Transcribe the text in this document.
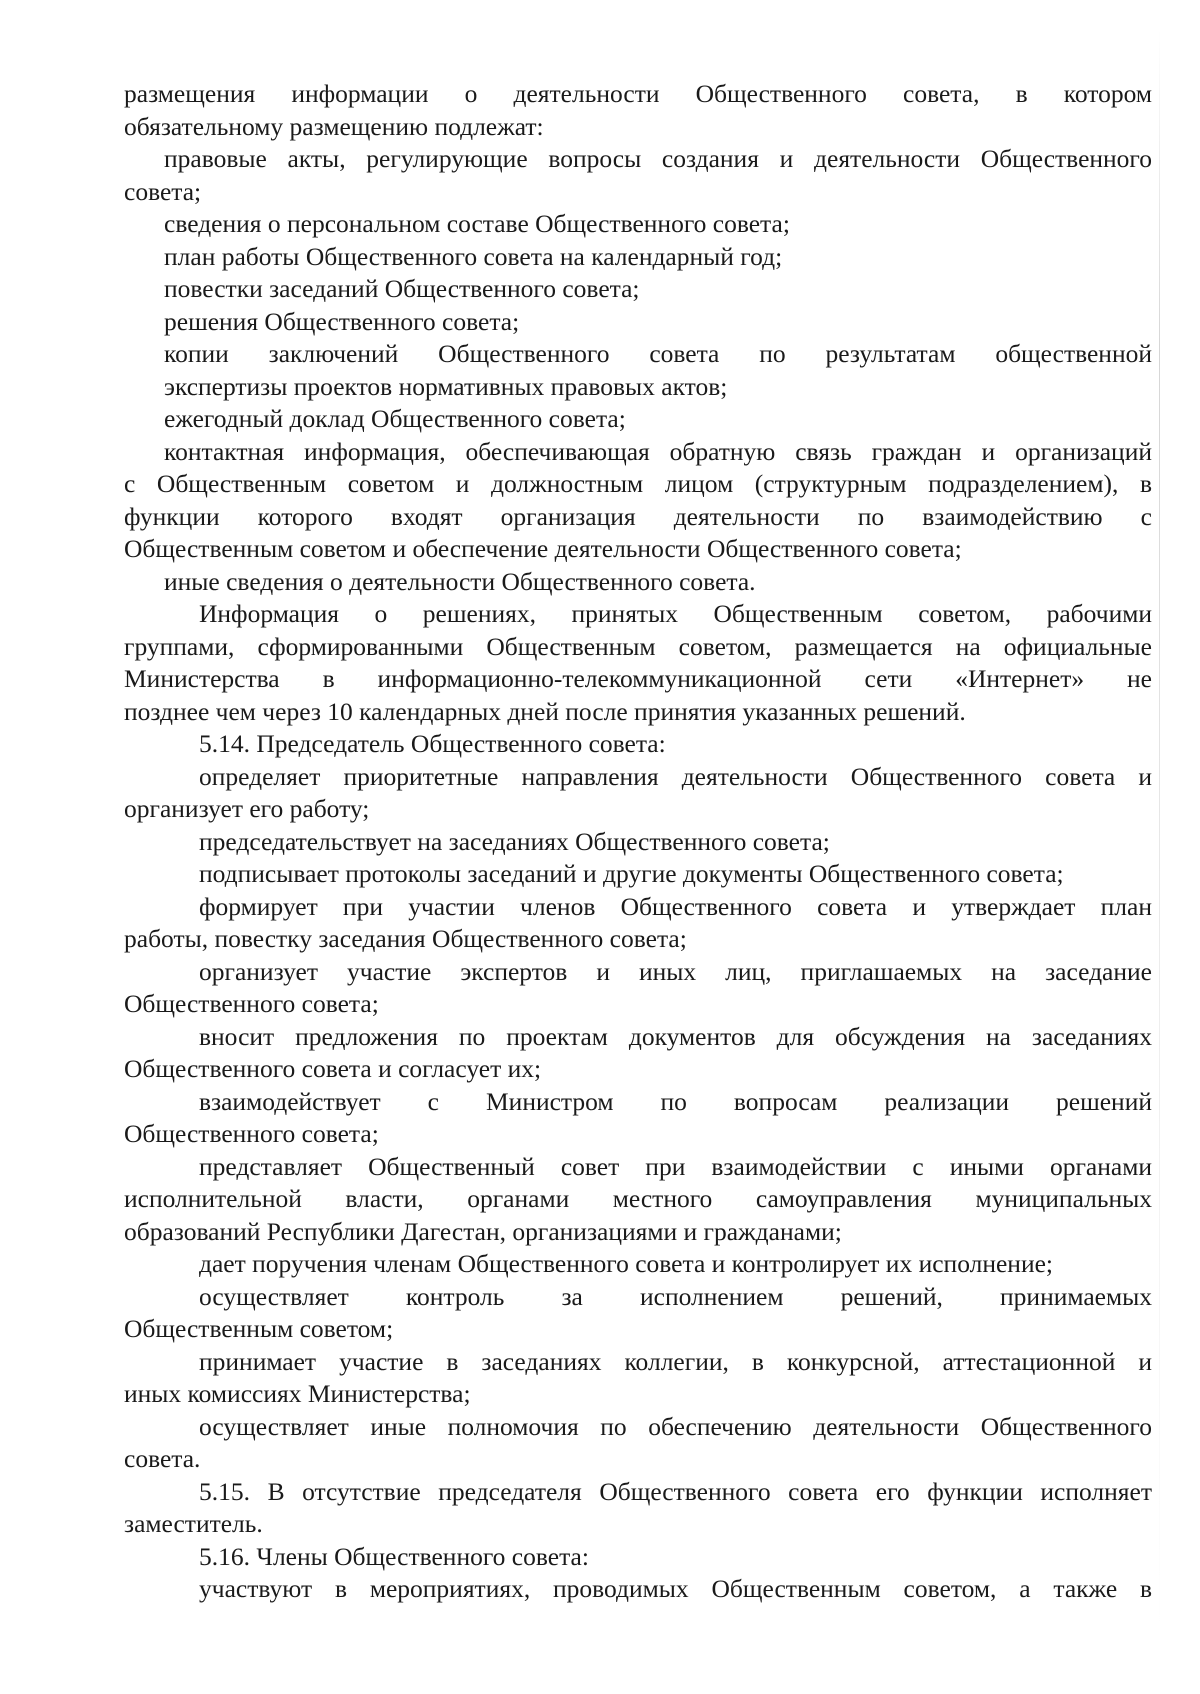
размещения информации о деятельности Общественного совета, в котором

обязательному размещению подлежат:

правовые акты, регулирующие вопросы создания и деятельности Общественного

совета;

сведения о персональном составе Общественного совета;

план работы Общественного совета на календарный год;

повестки заседаний Общественного совета;

решения Общественного совета;

копии заключений Общественного совета по результатам общественной

экспертизы проектов нормативных правовых актов;

ежегодный доклад Общественного совета;

контактная информация, обеспечивающая обратную связь граждан и организаций

с Общественным советом и должностным лицом (структурным подразделением), в

функции которого входят организация деятельности по взаимодействию с

Общественным советом и обеспечение деятельности Общественного совета;

иные сведения о деятельности Общественного совета.

Информация о решениях, принятых Общественным советом, рабочими

группами, сформированными Общественным советом, размещается на официальные

Министерства в информационно-телекоммуникационной сети «Интернет» не

позднее чем через 10 календарных дней после принятия указанных решений.

5.14. Председатель Общественного совета:

определяет приоритетные направления деятельности Общественного совета и

организует его работу;

председательствует на заседаниях Общественного совета;

подписывает протоколы заседаний и другие документы Общественного совета;

формирует при участии членов Общественного совета и утверждает план

работы, повестку заседания Общественного совета;

организует участие экспертов и иных лиц, приглашаемых на заседание

Общественного совета;

вносит предложения по проектам документов для обсуждения на заседаниях

Общественного совета и согласует их;

взаимодействует с Министром по вопросам реализации решений

Общественного совета;

представляет Общественный совет при взаимодействии с иными органами

исполнительной власти, органами местного самоуправления муниципальных

образований Республики Дагестан, организациями и гражданами;

дает поручения членам Общественного совета и контролирует их исполнение;

осуществляет контроль за исполнением решений, принимаемых

Общественным советом;

принимает участие в заседаниях коллегии, в конкурсной, аттестационной и

иных комиссиях Министерства;

осуществляет иные полномочия по обеспечению деятельности Общественного

совета.

5.15. В отсутствие председателя Общественного совета его функции исполняет

заместитель.

5.16. Члены Общественного совета:

участвуют в мероприятиях, проводимых Общественным советом, а также в
